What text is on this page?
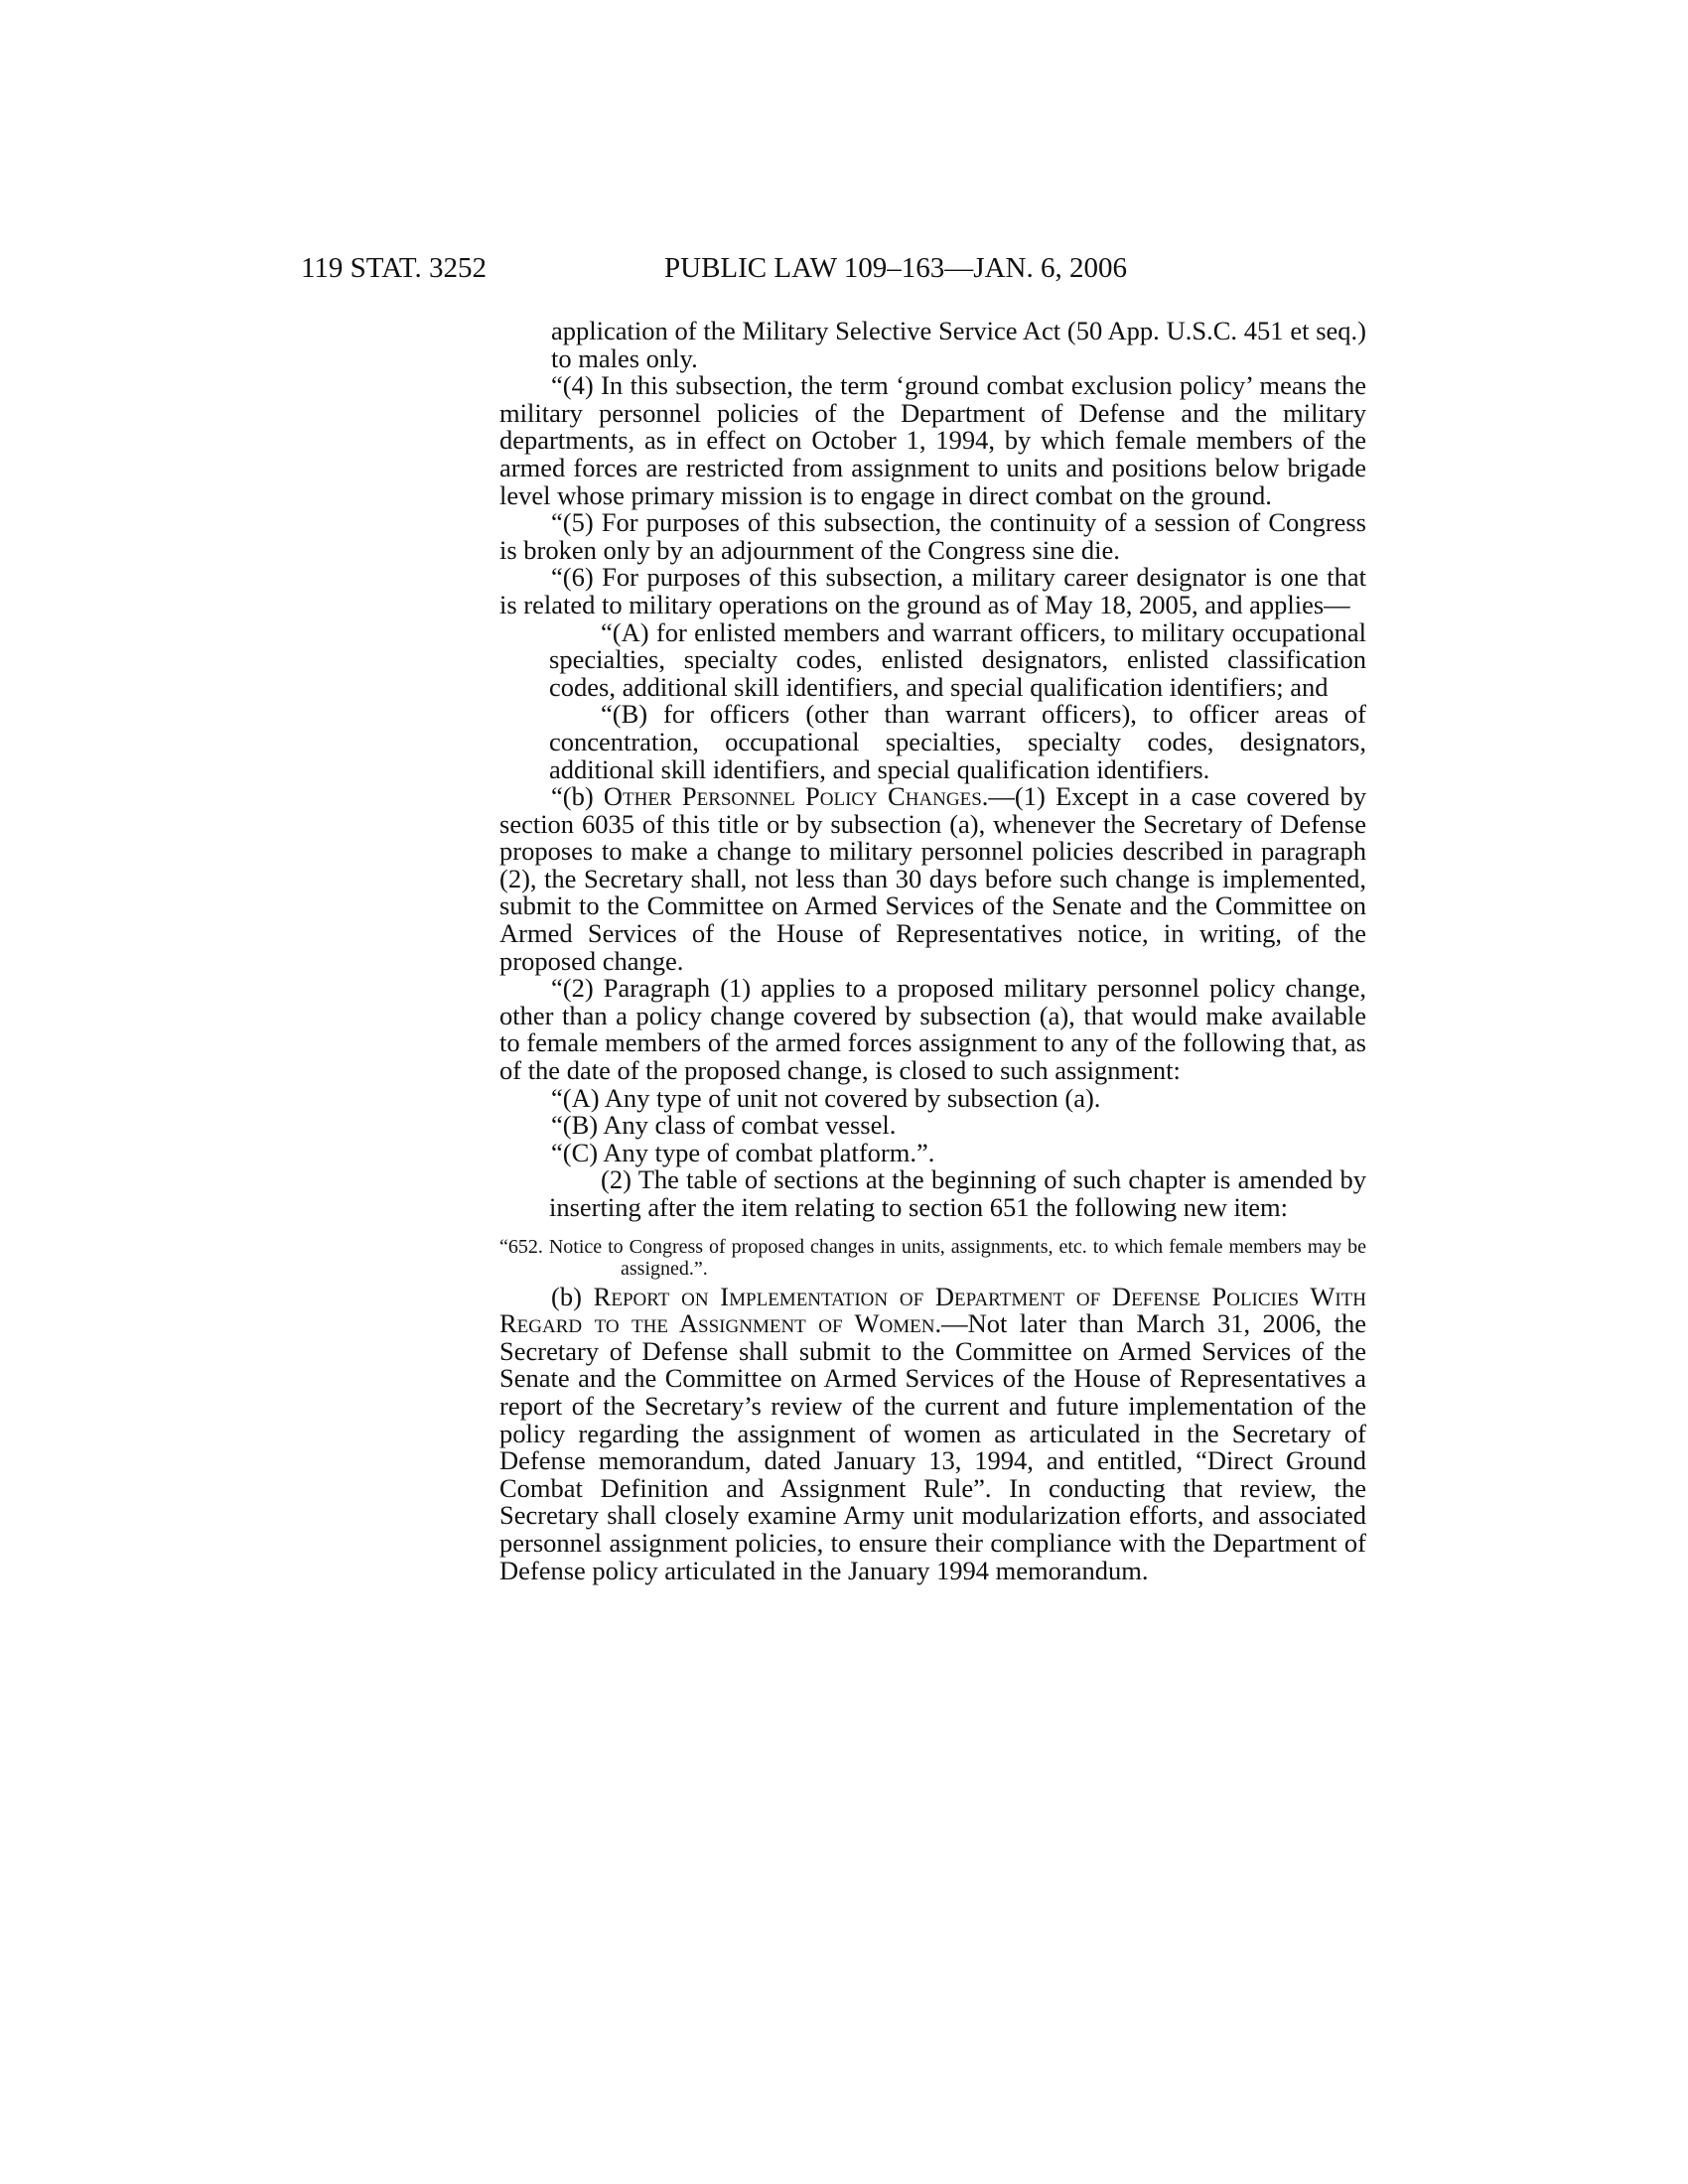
119 STAT. 3252	PUBLIC LAW 109–163—JAN. 6, 2006

application of the Military Selective Service Act (50 App. U.S.C. 451 et seq.) to males only.

“(4) In this subsection, the term ‘ground combat exclusion policy’ means the military personnel policies of the Department of Defense and the military departments, as in effect on October 1, 1994, by which female members of the armed forces are restricted from assignment to units and positions below brigade level whose primary mission is to engage in direct combat on the ground.

“(5) For purposes of this subsection, the continuity of a session of Congress is broken only by an adjournment of the Congress sine die.

“(6) For purposes of this subsection, a military career designator is one that is related to military operations on the ground as of May 18, 2005, and applies—

“(A) for enlisted members and warrant officers, to military occupational specialties, specialty codes, enlisted designators, enlisted classification codes, additional skill identifiers, and special qualification identifiers; and

“(B) for officers (other than warrant officers), to officer areas of concentration, occupational specialties, specialty codes, designators, additional skill identifiers, and special qualification identifiers.

“(b) Other Personnel Policy Changes.—(1) Except in a case covered by section 6035 of this title or by subsection (a), whenever the Secretary of Defense proposes to make a change to military personnel policies described in paragraph (2), the Secretary shall, not less than 30 days before such change is implemented, submit to the Committee on Armed Services of the Senate and the Committee on Armed Services of the House of Representatives notice, in writing, of the proposed change.

“(2) Paragraph (1) applies to a proposed military personnel policy change, other than a policy change covered by subsection (a), that would make available to female members of the armed forces assignment to any of the following that, as of the date of the proposed change, is closed to such assignment:

“(A) Any type of unit not covered by subsection (a).

“(B) Any class of combat vessel.

“(C) Any type of combat platform.”.

(2) The table of sections at the beginning of such chapter is amended by inserting after the item relating to section 651 the following new item:

“652. Notice to Congress of proposed changes in units, assignments, etc. to which female members may be assigned.”.

(b) Report on Implementation of Department of Defense Policies With Regard to the Assignment of Women.—Not later than March 31, 2006, the Secretary of Defense shall submit to the Committee on Armed Services of the Senate and the Committee on Armed Services of the House of Representatives a report of the Secretary’s review of the current and future implementation of the policy regarding the assignment of women as articulated in the Secretary of Defense memorandum, dated January 13, 1994, and entitled, “Direct Ground Combat Definition and Assignment Rule”. In conducting that review, the Secretary shall closely examine Army unit modularization efforts, and associated personnel assignment policies, to ensure their compliance with the Department of Defense policy articulated in the January 1994 memorandum.
